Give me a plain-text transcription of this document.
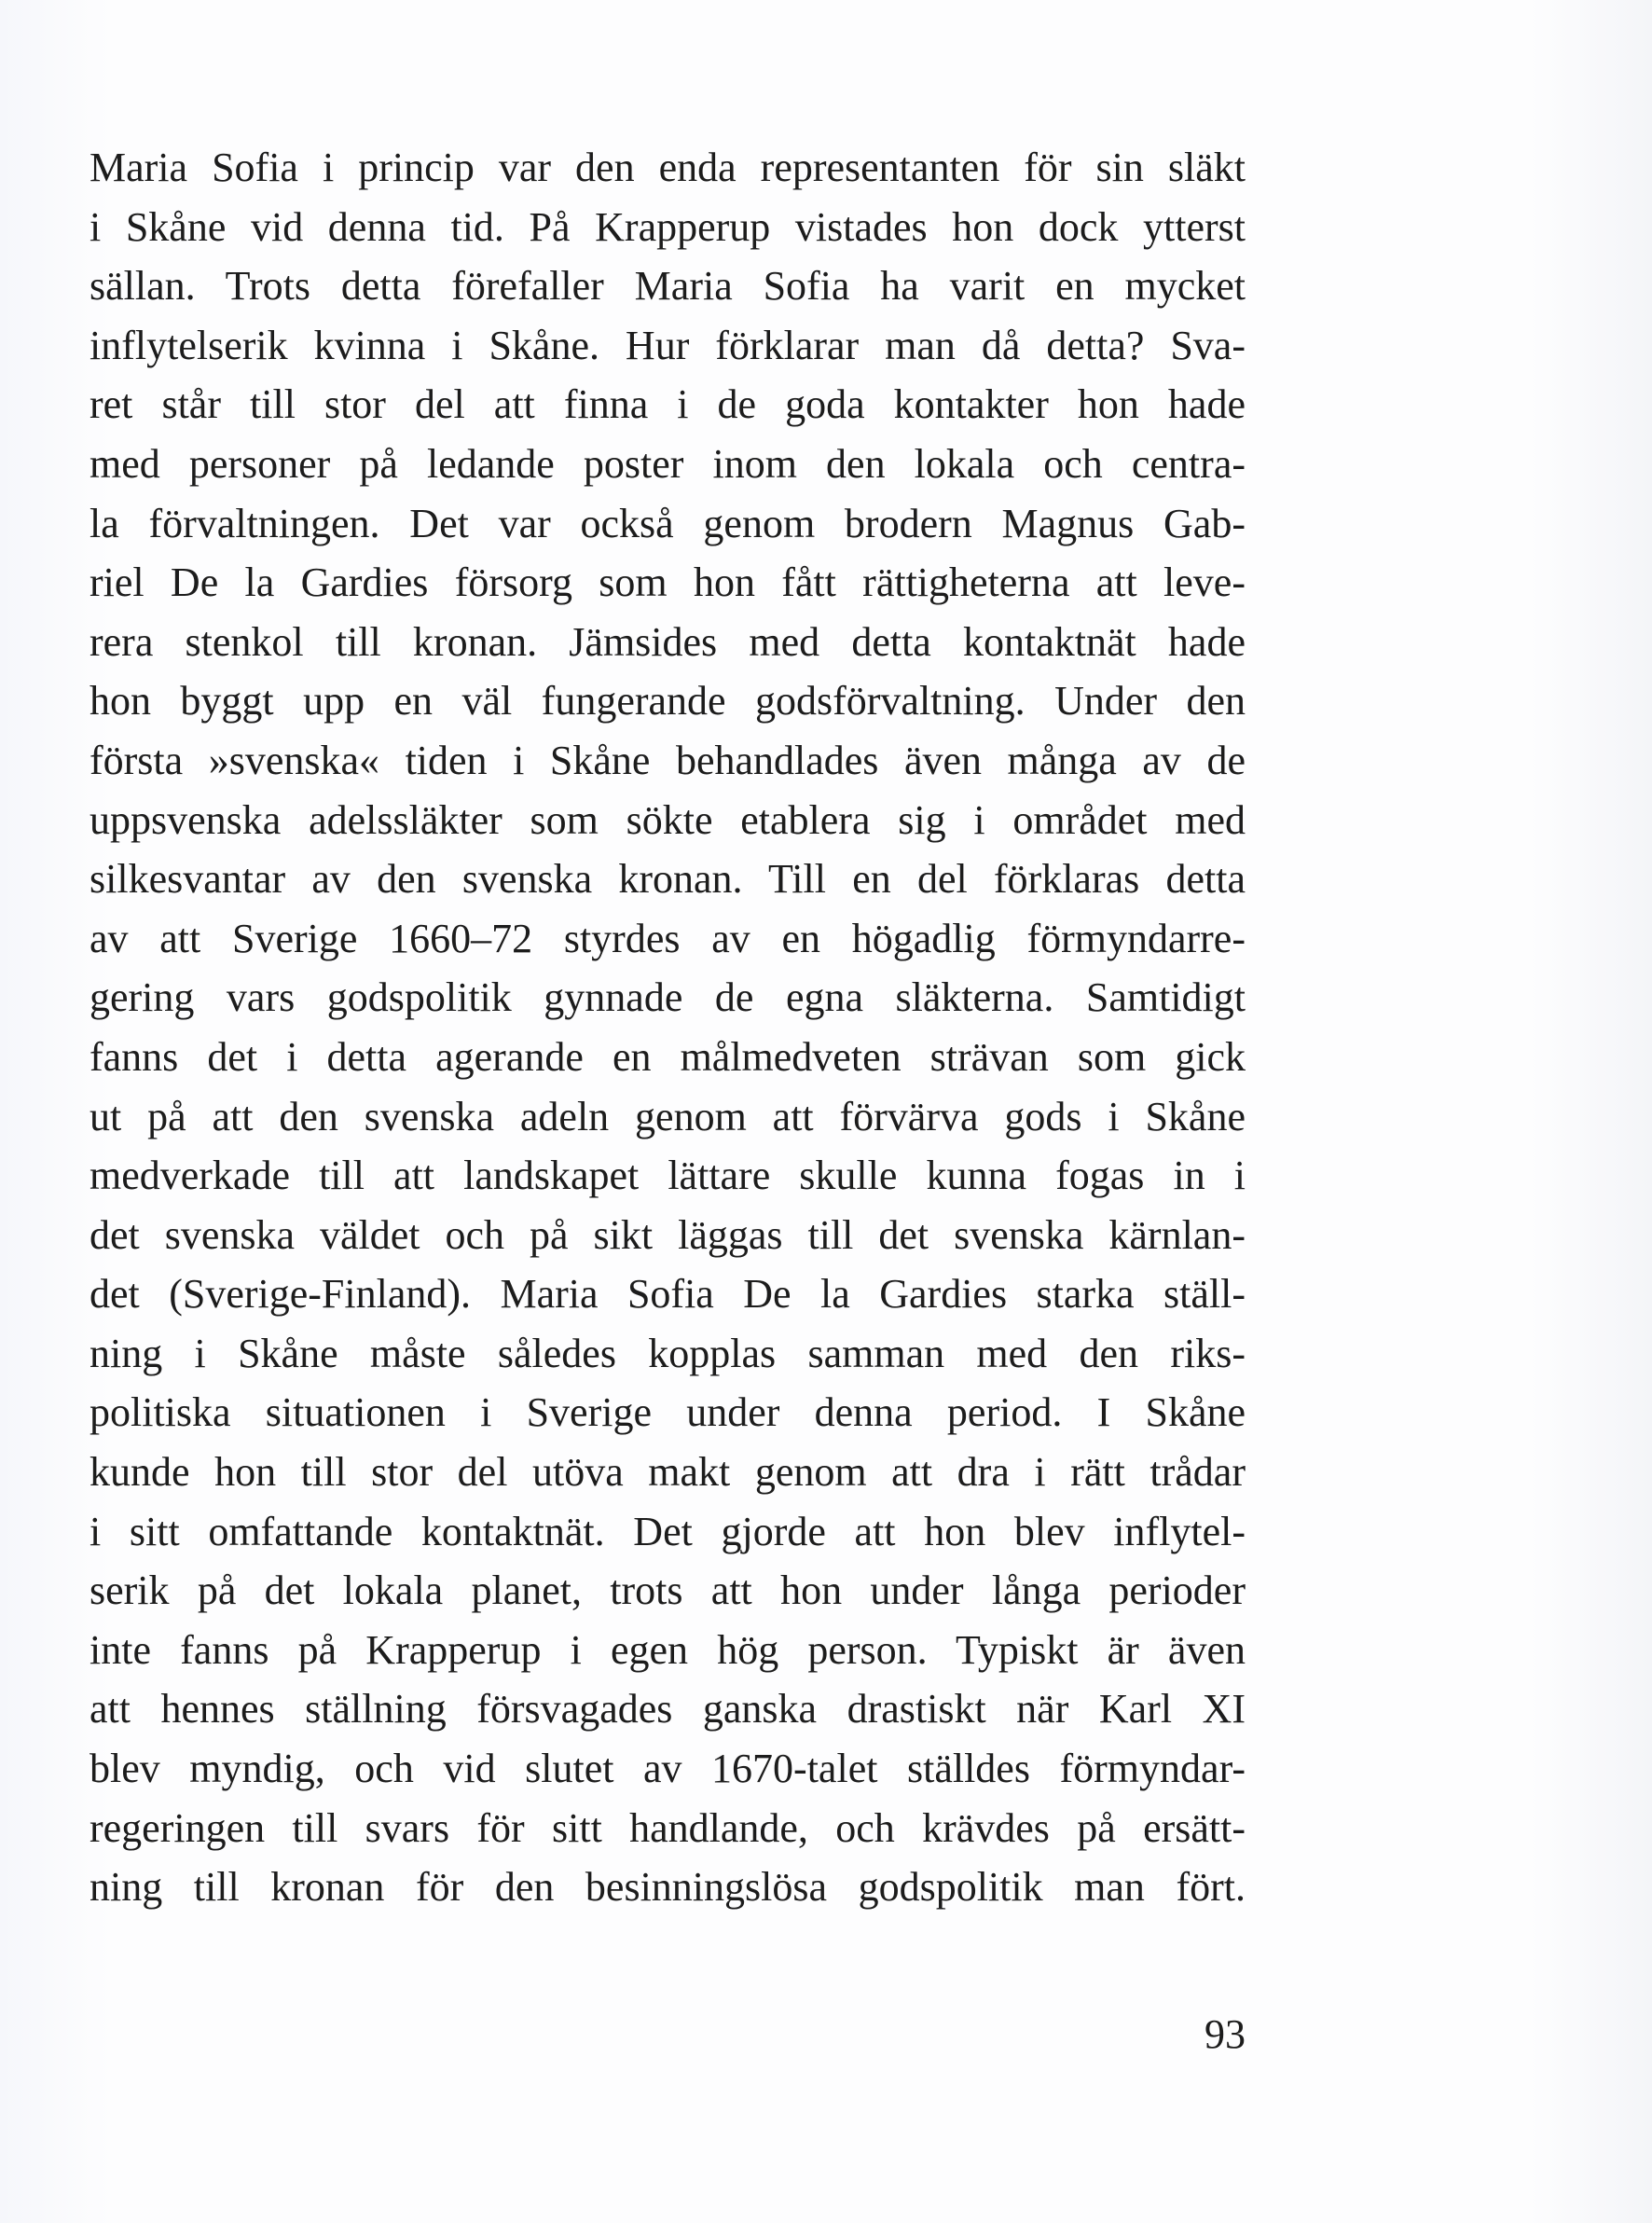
Maria Sofia i princip var den enda representanten för sin släkt
i Skåne vid denna tid. På Krapperup vistades hon dock ytterst
sällan. Trots detta förefaller Maria Sofia ha varit en mycket
inflytelserik kvinna i Skåne. Hur förklarar man då detta? Sva-
ret står till stor del att finna i de goda kontakter hon hade
med personer på ledande poster inom den lokala och centra-
la förvaltningen. Det var också genom brodern Magnus Gab-
riel De la Gardies försorg som hon fått rättigheterna att leve-
rera stenkol till kronan. Jämsides med detta kontaktnät hade
hon byggt upp en väl fungerande godsförvaltning. Under den
första »svenska« tiden i Skåne behandlades även många av de
uppsvenska adelssläkter som sökte etablera sig i området med
silkesvantar av den svenska kronan. Till en del förklaras detta
av att Sverige 1660–72 styrdes av en högadlig förmyndarre-
gering vars godspolitik gynnade de egna släkterna. Samtidigt
fanns det i detta agerande en målmedveten strävan som gick
ut på att den svenska adeln genom att förvärva gods i Skåne
medverkade till att landskapet lättare skulle kunna fogas in i
det svenska väldet och på sikt läggas till det svenska kärnlan-
det (Sverige-Finland). Maria Sofia De la Gardies starka ställ-
ning i Skåne måste således kopplas samman med den riks-
politiska situationen i Sverige under denna period. I Skåne
kunde hon till stor del utöva makt genom att dra i rätt trådar
i sitt omfattande kontaktnät. Det gjorde att hon blev inflytel-
serik på det lokala planet, trots att hon under långa perioder
inte fanns på Krapperup i egen hög person. Typiskt är även
att hennes ställning försvagades ganska drastiskt när Karl XI
blev myndig, och vid slutet av 1670-talet ställdes förmyndar-
regeringen till svars för sitt handlande, och krävdes på ersätt-
ning till kronan för den besinningslösa godspolitik man fört.
93
